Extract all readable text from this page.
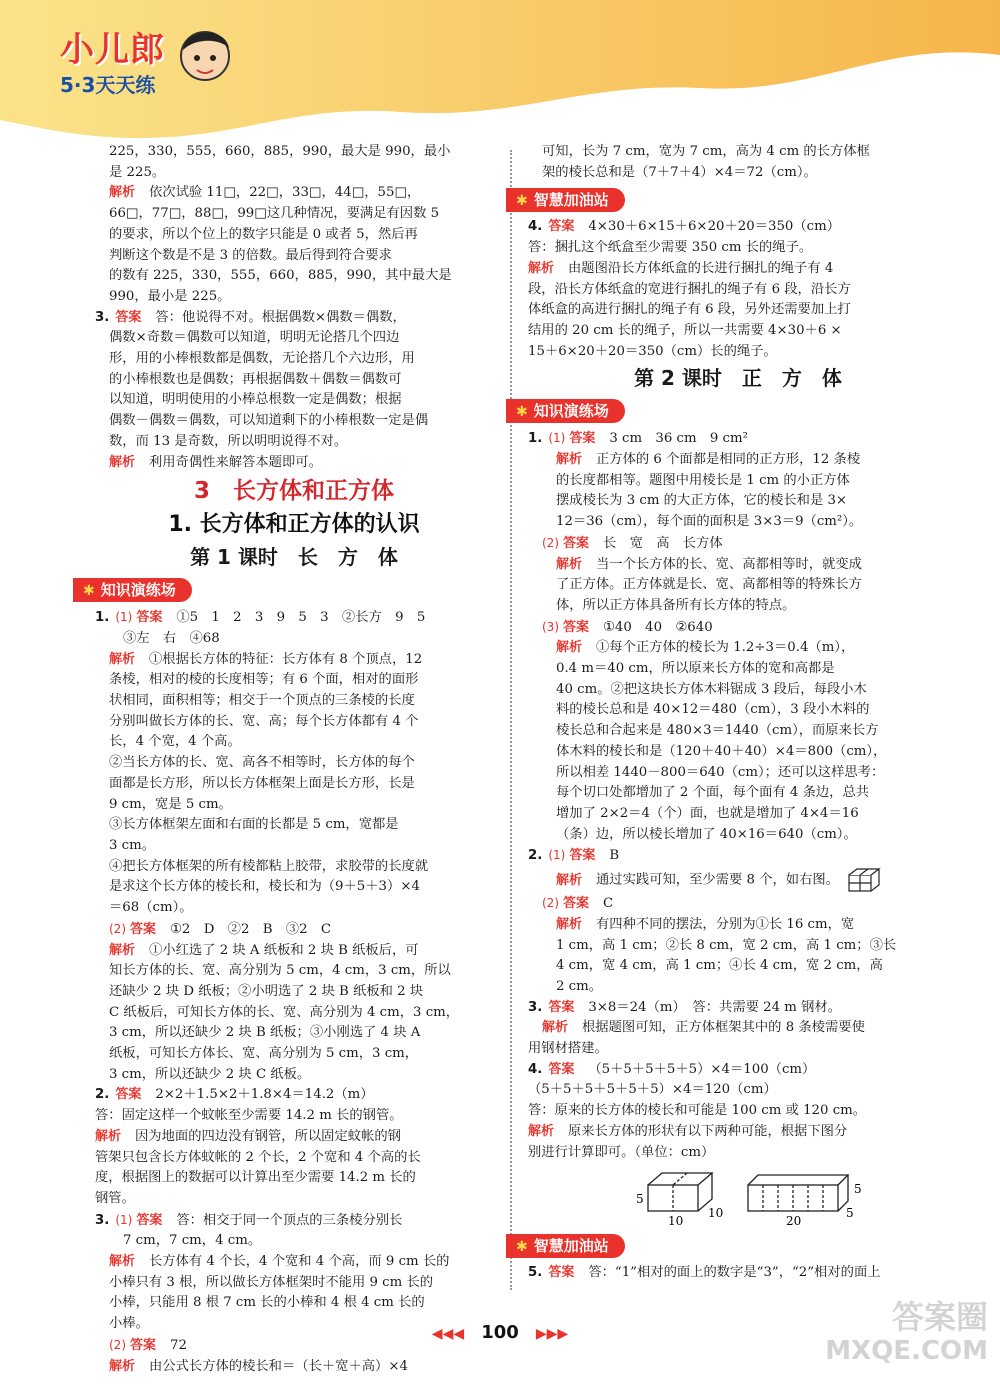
小儿郎
5·3天天练
225，330，555，660，885，990，最大是 990，最小
是 225。
解析 依次试验 11□，22□，33□，44□，55□，
66□，77□，88□，99□这几种情况，要满足有因数 5
的要求，所以个位上的数字只能是 0 或者 5，然后再
判断这个数是不是 3 的倍数。最后得到符合要求
的数有 225，330，555，660，885，990，其中最大是
990，最小是 225。
3. 答案 答：他说得不对。根据偶数×偶数＝偶数，
偶数×奇数＝偶数可以知道，明明无论搭几个四边
形，用的小棒根数都是偶数，无论搭几个六边形，用
的小棒根数也是偶数；再根据偶数＋偶数＝偶数可
以知道，明明使用的小棒总根数一定是偶数；根据
偶数－偶数＝偶数，可以知道剩下的小棒根数一定是偶
数，而 13 是奇数，所以明明说得不对。
解析 利用奇偶性来解答本题即可。
3　长方体和正方体
1. 长方体和正方体的认识
第 1 课时　长　方　体
✱ 知识演练场
1. (1) 答案 ①5　1　2　3　9　5　3　②长方　9　5
③左　右　④68
解析 ①根据长方体的特征：长方体有 8 个顶点，12
条棱，相对的棱的长度相等；有 6 个面，相对的面形
状相同，面积相等；相交于一个顶点的三条棱的长度
分别叫做长方体的长、宽、高；每个长方体都有 4 个
长，4 个宽，4 个高。
②当长方体的长、宽、高各不相等时，长方体的每个
面都是长方形，所以长方体框架上面是长方形，长是
9 cm，宽是 5 cm。
③长方体框架左面和右面的长都是 5 cm，宽都是
3 cm。
④把长方体框架的所有棱都粘上胶带，求胶带的长度就
是求这个长方体的棱长和，棱长和为（9＋5＋3）×4
＝68（cm）。
(2) 答案 ①2　D　②2　B　③2　C
解析 ①小红选了 2 块 A 纸板和 2 块 B 纸板后，可
知长方体的长、宽、高分别为 5 cm，4 cm，3 cm，所以
还缺少 2 块 D 纸板；②小明选了 2 块 B 纸板和 2 块
C 纸板后，可知长方体的长、宽、高分别为 4 cm，3 cm，
3 cm，所以还缺少 2 块 B 纸板；③小刚选了 4 块 A
纸板，可知长方体长、宽、高分别为 5 cm，3 cm，
3 cm，所以还缺少 2 块 C 纸板。
2. 答案 2×2＋1.5×2＋1.8×4＝14.2（m）
答：固定这样一个蚊帐至少需要 14.2 m 长的钢管。
解析 因为地面的四边没有钢管，所以固定蚊帐的钢
管架只包含长方体蚊帐的 2 个长，2 个宽和 4 个高的长
度，根据图上的数据可以计算出至少需要 14.2 m 长的
钢管。
3. (1) 答案 答：相交于同一个顶点的三条棱分别长
7 cm，7 cm，4 cm。
解析 长方体有 4 个长，4 个宽和 4 个高，而 9 cm 长的
小棒只有 3 根，所以做长方体框架时不能用 9 cm 长的
小棒，只能用 8 根 7 cm 长的小棒和 4 根 4 cm 长的
小棒。
(2) 答案 72
解析 由公式长方体的棱长和＝（长＋宽＋高）×4
可知，长为 7 cm，宽为 7 cm，高为 4 cm 的长方体框
架的棱长总和是（7＋7＋4）×4＝72（cm）。
✱ 智慧加油站
4. 答案 4×30＋6×15＋6×20＋20＝350（cm）
答：捆扎这个纸盒至少需要 350 cm 长的绳子。
解析 由题图沿长方体纸盒的长进行捆扎的绳子有 4
段，沿长方体纸盒的宽进行捆扎的绳子有 6 段，沿长方
体纸盒的高进行捆扎的绳子有 6 段，另外还需要加上打
结用的 20 cm 长的绳子，所以一共需要 4×30＋6 ×
15＋6×20＋20＝350（cm）长的绳子。
第 2 课时　正　方　体
✱ 知识演练场
1. (1) 答案 3 cm　36 cm　9 cm²
解析 正方体的 6 个面都是相同的正方形，12 条棱
的长度都相等。题图中用棱长是 1 cm 的小正方体
摆成棱长为 3 cm 的大正方体，它的棱长和是 3×
12＝36（cm），每个面的面积是 3×3＝9（cm²）。
(2) 答案 长　宽　高　长方体
解析 当一个长方体的长、宽、高都相等时，就变成
了正方体。正方体就是长、宽、高都相等的特殊长方
体，所以正方体具备所有长方体的特点。
(3) 答案 ①40　40　②640
解析 ①每个正方体的棱长为 1.2÷3＝0.4（m），
0.4 m＝40 cm，所以原来长方体的宽和高都是
40 cm。②把这块长方体木料锯成 3 段后，每段小木
料的棱长总和是 40×12＝480（cm），3 段小木料的
棱长总和合起来是 480×3＝1440（cm），而原来长方
体木料的棱长和是（120＋40＋40）×4＝800（cm），
所以相差 1440－800＝640（cm）；还可以这样思考：
每个切口处都增加了 2 个面，每个面有 4 条边，总共
增加了 2×2＝4（个）面，也就是增加了 4×4＝16
（条）边，所以棱长增加了 40×16＝640（cm）。
2. (1) 答案 B
解析 通过实践可知，至少需要 8 个，如右图。
(2) 答案 C
解析 有四种不同的摆法，分别为①长 16 cm，宽
1 cm，高 1 cm；②长 8 cm，宽 2 cm，高 1 cm；③长
4 cm，宽 4 cm，高 1 cm；④长 4 cm，宽 2 cm，高
2 cm。
3. 答案 3×8＝24（m）　答：共需要 24 m 钢材。
解析 根据题图可知，正方体框架其中的 8 条棱需要使
用钢材搭建。
4. 答案 （5＋5＋5＋5＋5）×4＝100（cm）
（5＋5＋5＋5＋5＋5）×4＝120（cm）
答：原来的长方体的棱长和可能是 100 cm 或 120 cm。
解析 原来长方体的形状有以下两种可能，根据下图分
别进行计算即可。（单位：cm）
5
10
10
5
20
5
✱ 智慧加油站
5. 答案 答：“1”相对的面上的数字是“3”，“2”相对的面上
◀◀◀ 100 ▶▶▶	答案圈
MXQE.COM
